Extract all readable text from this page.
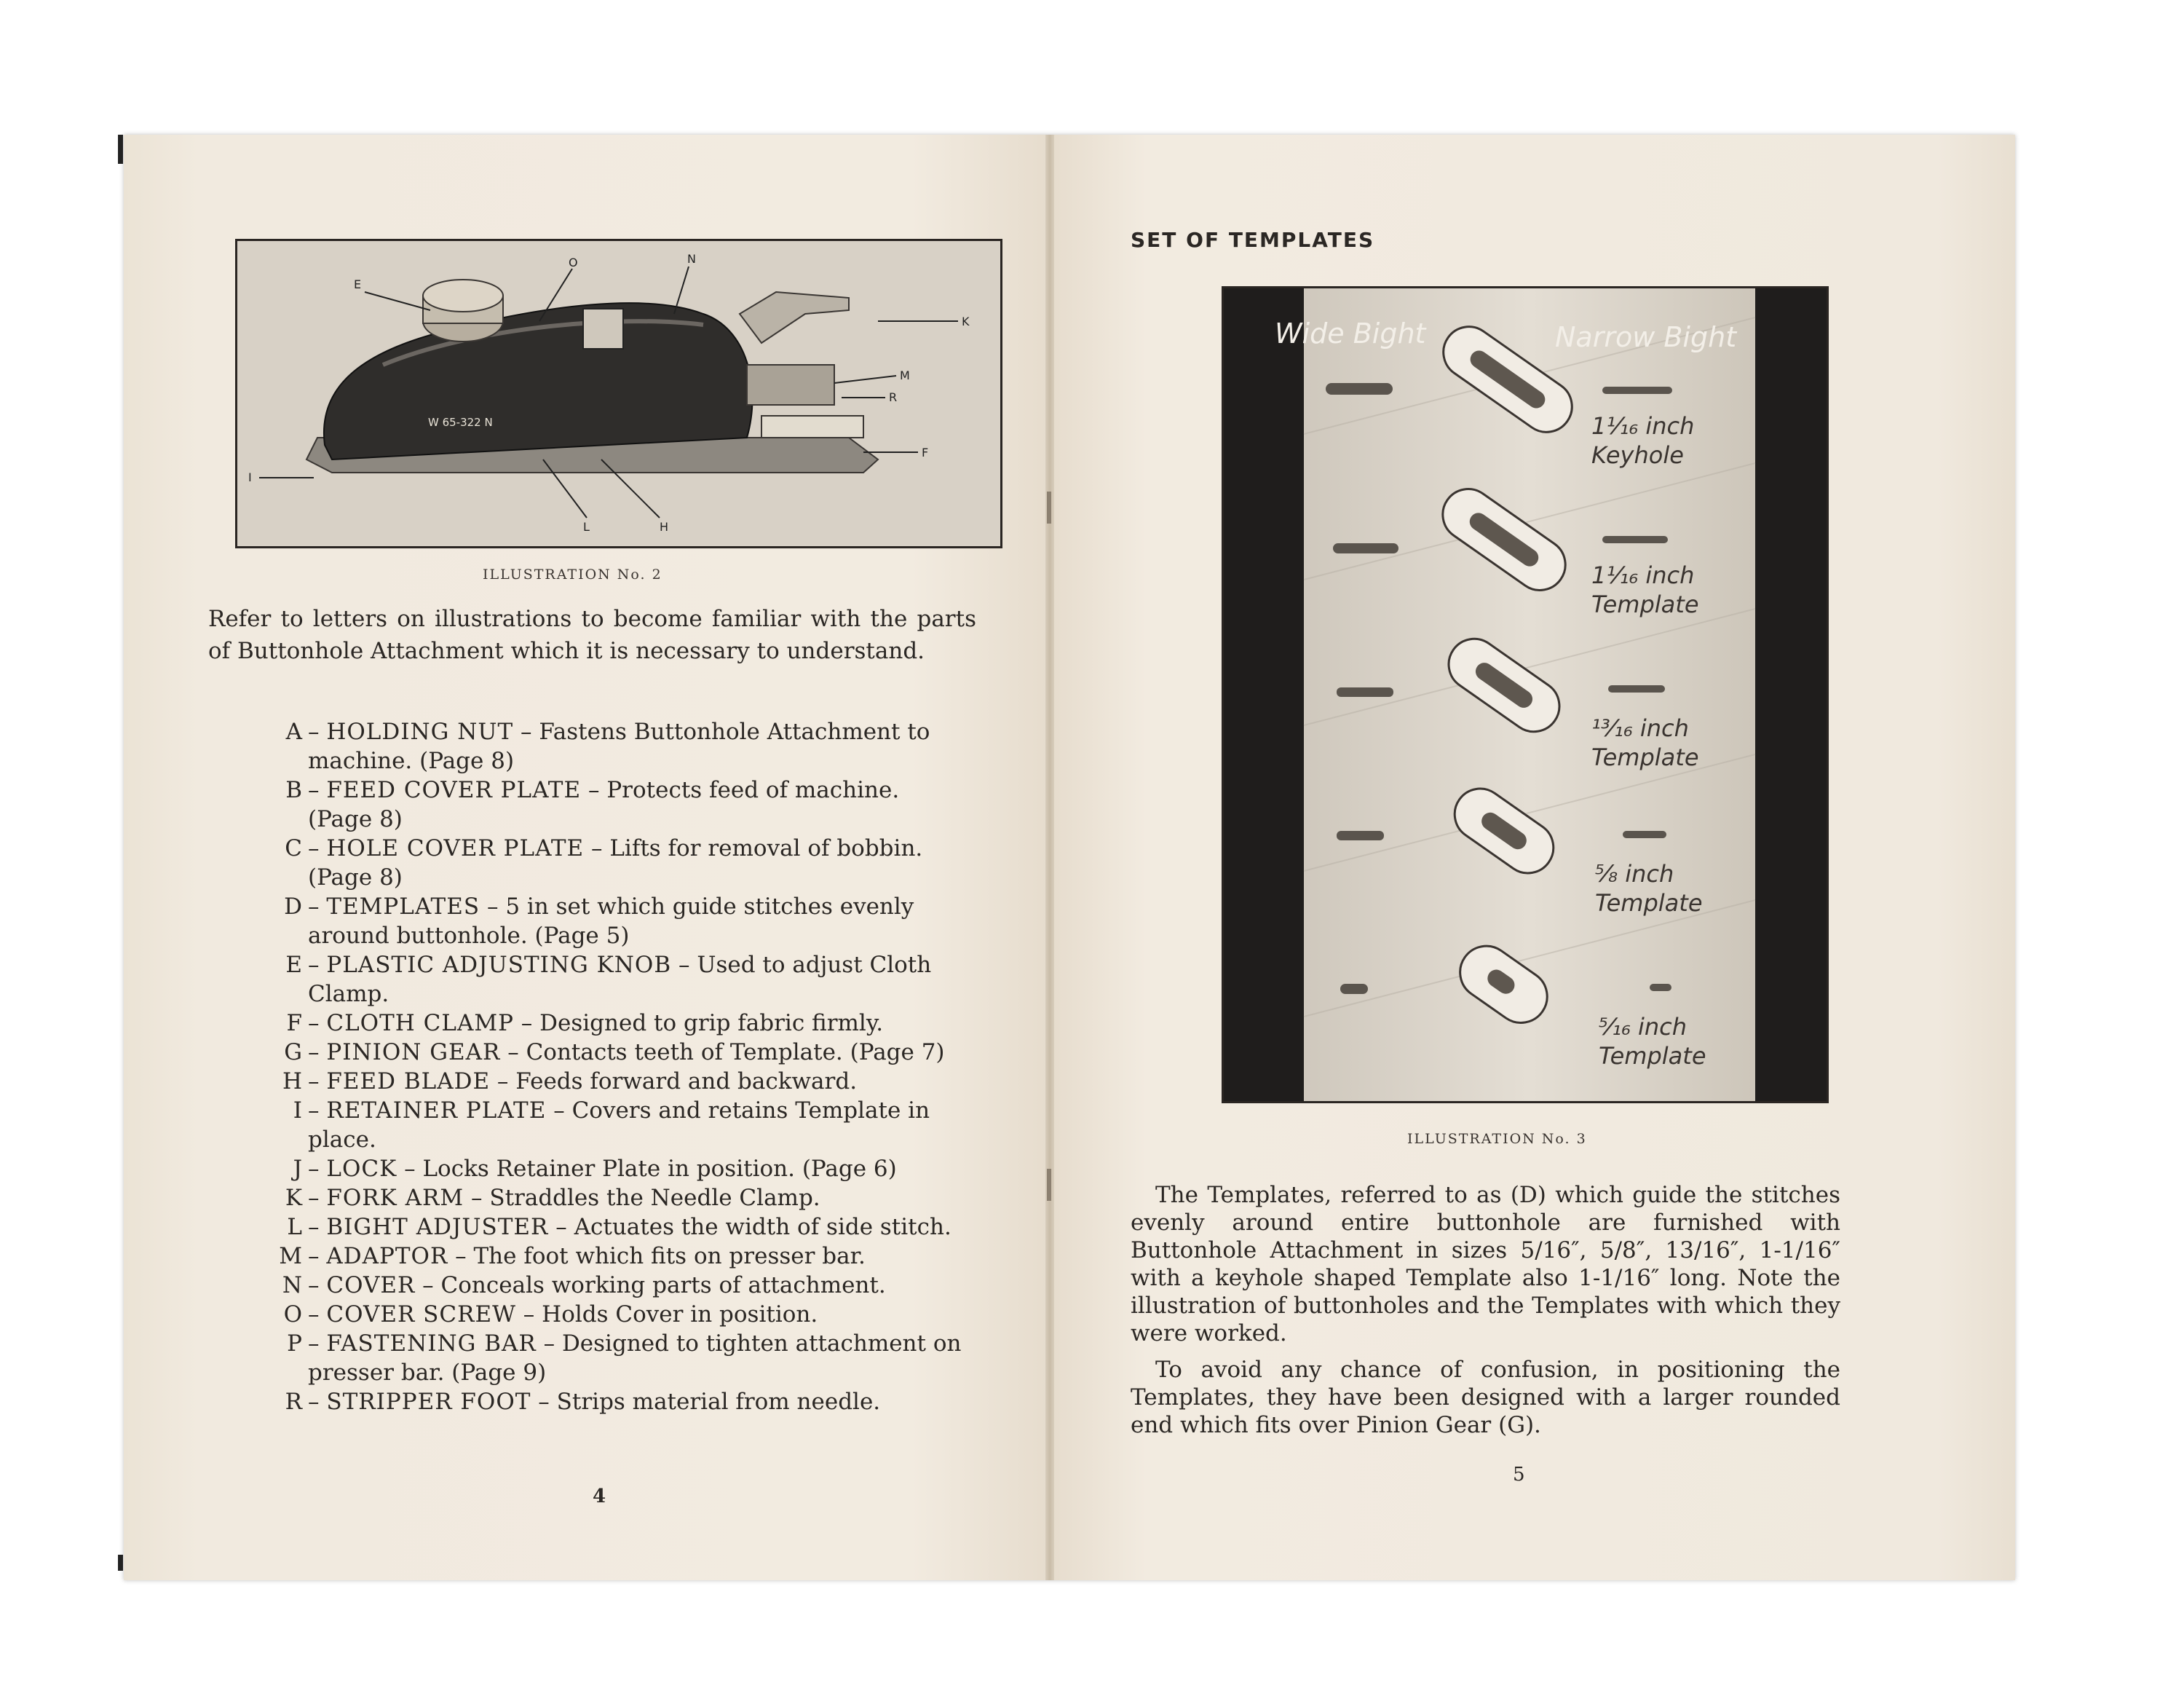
W 65-322 N
E
O	N
K
M
R
F
I
L	H
ILLUSTRATION No. 2
Refer to letters on illustrations to become familiar with the parts of Buttonhole Attachment which it is necessary to understand.
A – HOLDING NUT – Fastens Buttonhole Attachment to machine. (Page 8)
B – FEED COVER PLATE – Protects feed of machine. (Page 8)
C – HOLE COVER PLATE – Lifts for removal of bobbin. (Page 8)
D – TEMPLATES – 5 in set which guide stitches evenly around buttonhole. (Page 5)
E – PLASTIC ADJUSTING KNOB – Used to adjust Cloth Clamp.
F – CLOTH CLAMP – Designed to grip fabric firmly.
G – PINION GEAR – Contacts teeth of Template. (Page 7)
H – FEED BLADE – Feeds forward and backward.
I – RETAINER PLATE – Covers and retains Template in place.
J – LOCK – Locks Retainer Plate in position. (Page 6)
K – FORK ARM – Straddles the Needle Clamp.
L – BIGHT ADJUSTER – Actuates the width of side stitch.
M – ADAPTOR – The foot which fits on presser bar.
N – COVER – Conceals working parts of attachment.
O – COVER SCREW – Holds Cover in position.
P – FASTENING BAR – Designed to tighten attachment on presser bar. (Page 9)
R – STRIPPER FOOT – Strips material from needle.
4
SET OF TEMPLATES
Wide Bight	Narrow Bight
1¹⁄₁₆ inch
Keyhole
1¹⁄₁₆ inch
Template
¹³⁄₁₆ inch
Template
⅝ inch
Template
⁵⁄₁₆ inch
Template
ILLUSTRATION No. 3

The Templates, referred to as (D) which guide the stitches evenly around entire buttonhole are furnished with Buttonhole Attachment in sizes 5/16″, 5/8″, 13/16″, 1-1/16″ with a keyhole shaped Template also 1-1/16″ long. Note the illustration of buttonholes and the Templates with which they were worked.

To avoid any chance of confusion, in positioning the Templates, they have been designed with a larger rounded end which fits over Pinion Gear (G).

5
